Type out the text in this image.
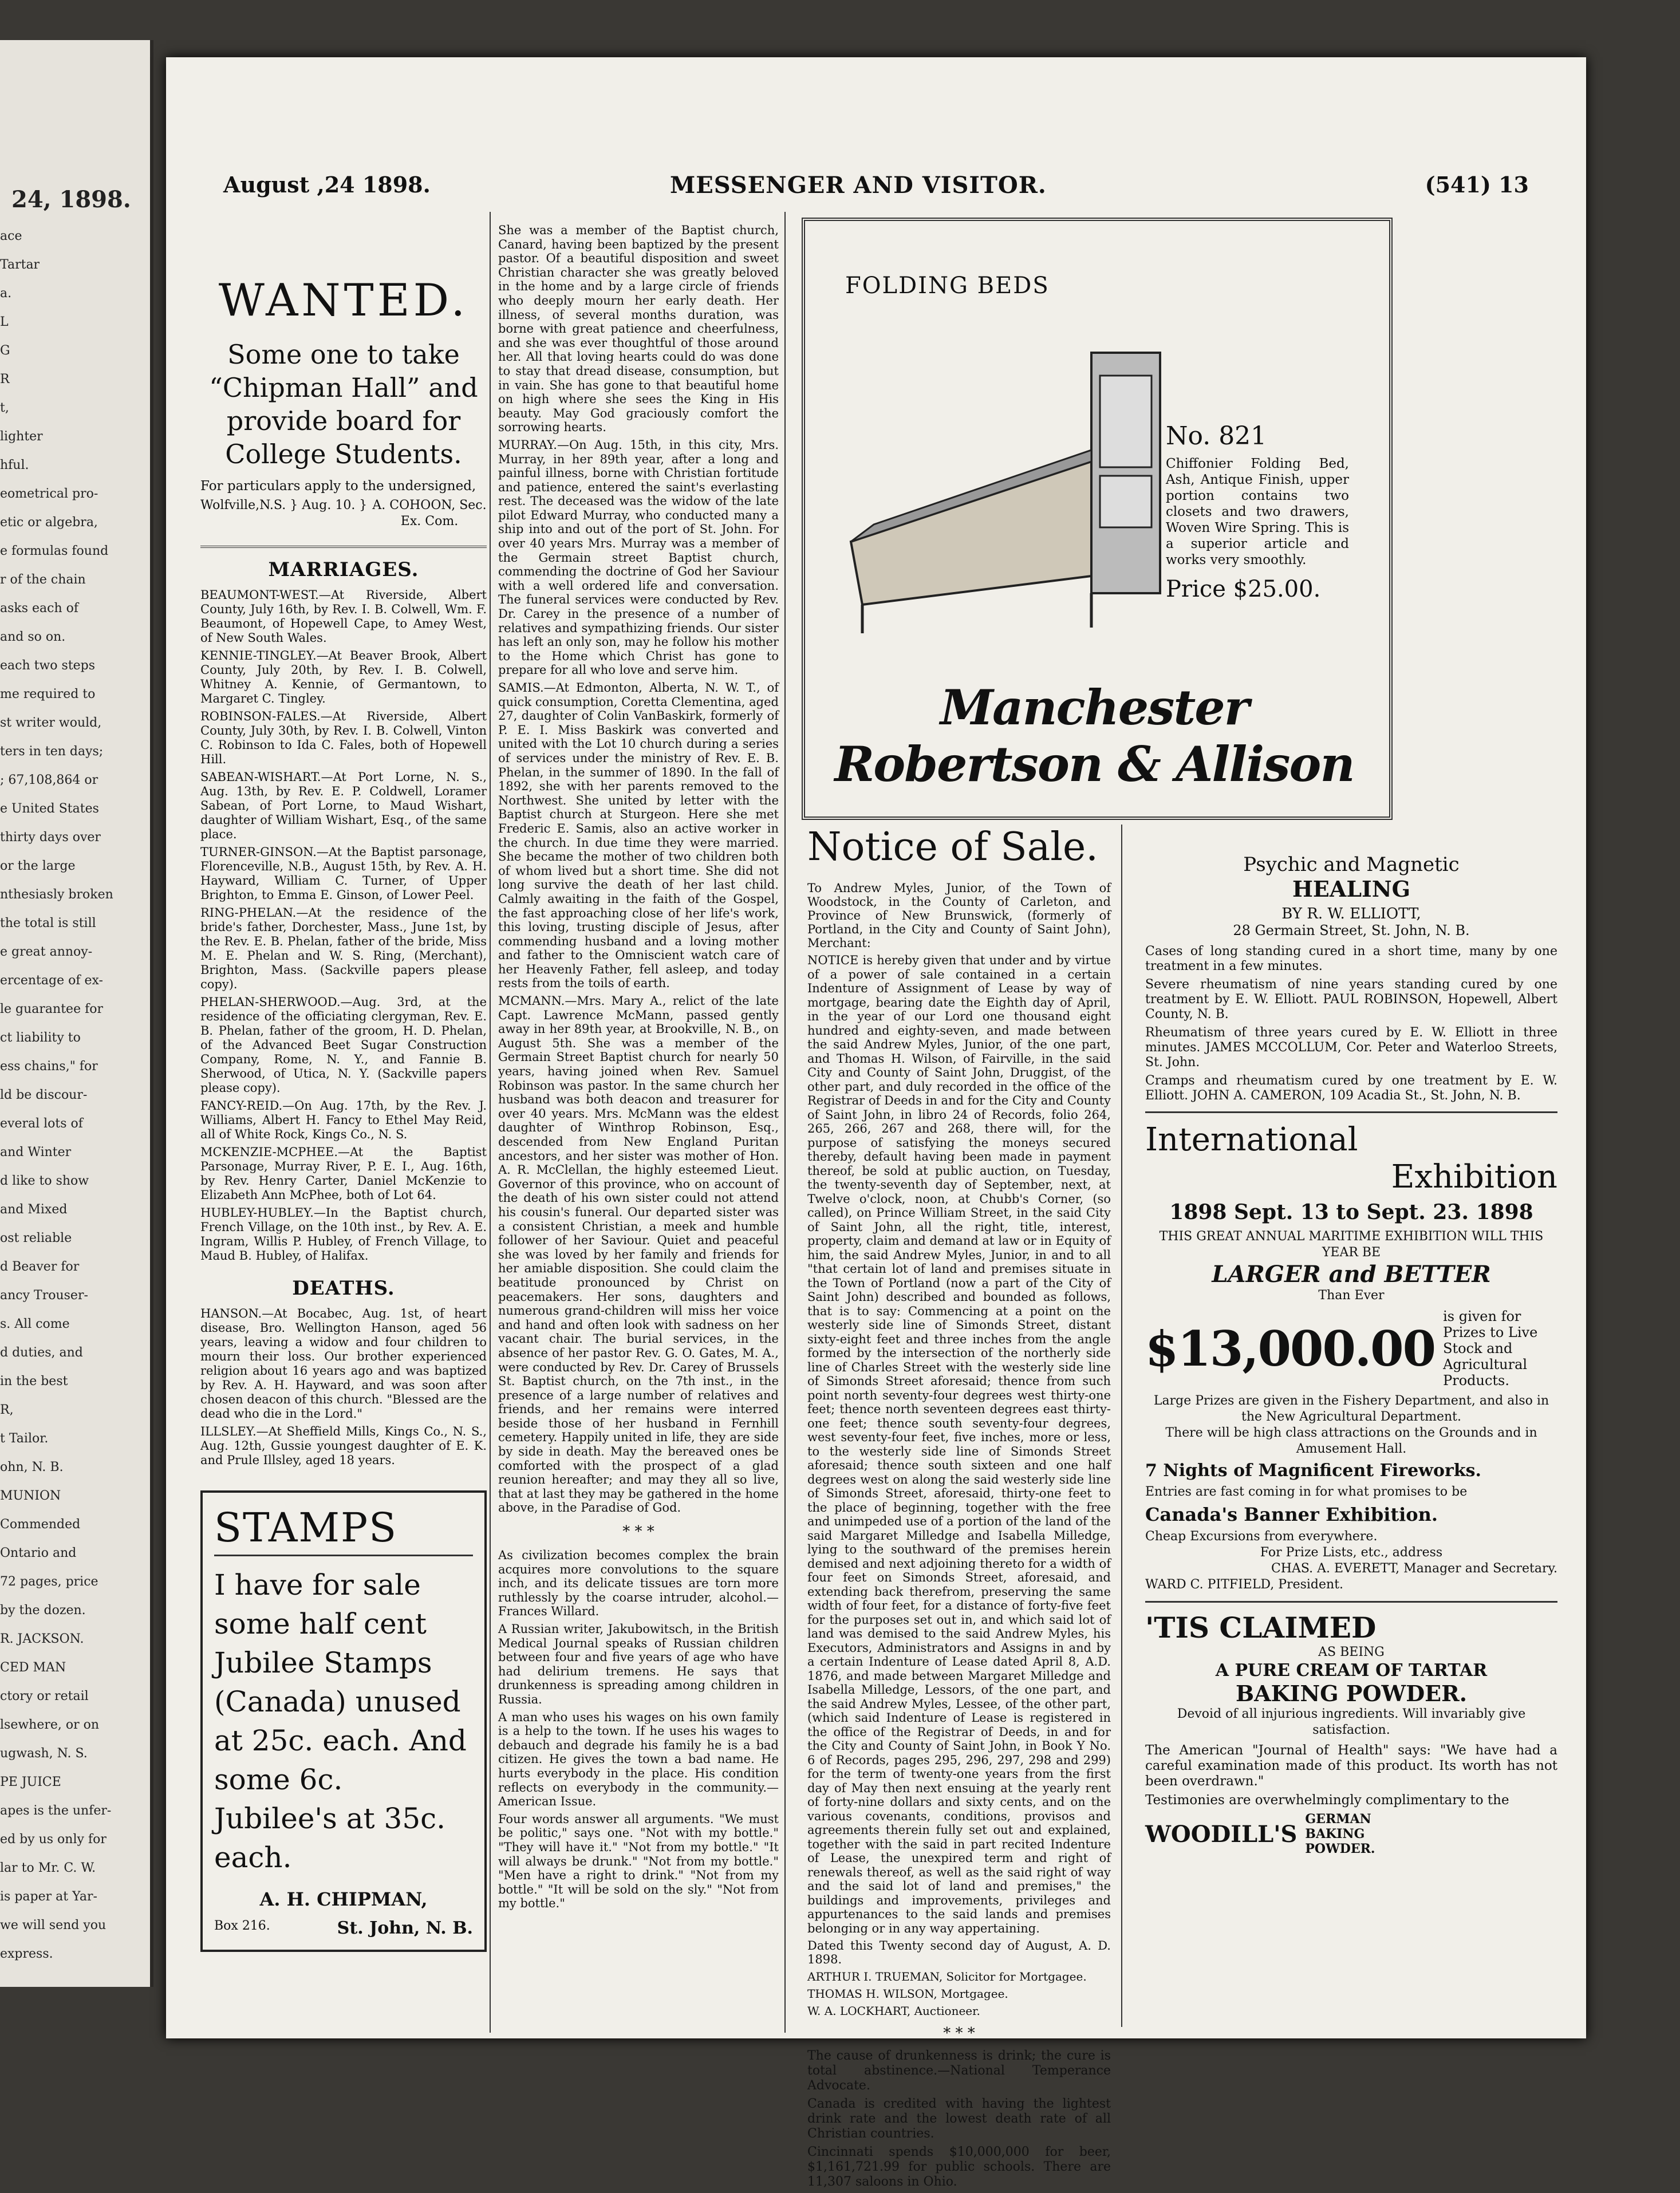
24, 1898.
ace
Tartar
a.
L
G
R
t,
lighter
hful.
eometrical pro-
etic or algebra,
e formulas found
r of the chain
asks each of
and so on.
each two steps
me required to
st writer would,
ters in ten days;
; 67,108,864 or
e United States
thirty days over
or the large
nthesiasly broken
the total is still
e great annoy-
ercentage of ex-
le guarantee for
ct liability to
ess chains," for
ld be discour-
everal lots of
and Winter
d like to show
and Mixed
ost reliable
d Beaver for
ancy Trouser-
s. All come
d duties, and
in the best
R,
t Tailor.
ohn, N. B.
MUNION
Commended
Ontario and
72 pages, price
by the dozen.
R. JACKSON.
CED MAN
ctory or retail
lsewhere, or on
ugwash, N. S.
PE JUICE
apes is the unfer-
ed by us only for
lar to Mr. C. W.
is paper at Yar-
we will send you
express.
August ,24 1898.	MESSENGER AND VISITOR.	(541) 13
WANTED.

Some one to take “Chipman Hall” and provide board for College Students.

For particulars apply to the undersigned,

Wolfville,N.S. } Aug. 10. } A. COHOON, Sec. Ex. Com.
MARRIAGES.

BEAUMONT-WEST.—At Riverside, Albert County, July 16th, by Rev. I. B. Colwell, Wm. F. Beaumont, of Hopewell Cape, to Amey West, of New South Wales.

KENNIE-TINGLEY.—At Beaver Brook, Albert County, July 20th, by Rev. I. B. Colwell, Whitney A. Kennie, of Germantown, to Margaret C. Tingley.

ROBINSON-FALES.—At Riverside, Albert County, July 30th, by Rev. I. B. Colwell, Vinton C. Robinson to Ida C. Fales, both of Hopewell Hill.

SABEAN-WISHART.—At Port Lorne, N. S., Aug. 13th, by Rev. E. P. Coldwell, Loramer Sabean, of Port Lorne, to Maud Wishart, daughter of William Wishart, Esq., of the same place.

TURNER-GINSON.—At the Baptist parsonage, Florenceville, N.B., August 15th, by Rev. A. H. Hayward, William C. Turner, of Upper Brighton, to Emma E. Ginson, of Lower Peel.

RING-PHELAN.—At the residence of the bride's father, Dorchester, Mass., June 1st, by the Rev. E. B. Phelan, father of the bride, Miss M. E. Phelan and W. S. Ring, (Merchant), Brighton, Mass. (Sackville papers please copy).

PHELAN-SHERWOOD.—Aug. 3rd, at the residence of the officiating clergyman, Rev. E. B. Phelan, father of the groom, H. D. Phelan, of the Advanced Beet Sugar Construction Company, Rome, N. Y., and Fannie B. Sherwood, of Utica, N. Y. (Sackville papers please copy).

FANCY-REID.—On Aug. 17th, by the Rev. J. Williams, Albert H. Fancy to Ethel May Reid, all of White Rock, Kings Co., N. S.

MCKENZIE-MCPHEE.—At the Baptist Parsonage, Murray River, P. E. I., Aug. 16th, by Rev. Henry Carter, Daniel McKenzie to Elizabeth Ann McPhee, both of Lot 64.

HUBLEY-HUBLEY.—In the Baptist church, French Village, on the 10th inst., by Rev. A. E. Ingram, Willis P. Hubley, of French Village, to Maud B. Hubley, of Halifax.

DEATHS.

HANSON.—At Bocabec, Aug. 1st, of heart disease, Bro. Wellington Hanson, aged 56 years, leaving a widow and four children to mourn their loss. Our brother experienced religion about 16 years ago and was baptized by Rev. A. H. Hayward, and was soon after chosen deacon of this church. "Blessed are the dead who die in the Lord."

ILLSLEY.—At Sheffield Mills, Kings Co., N. S., Aug. 12th, Gussie youngest daughter of E. K. and Prule Illsley, aged 18 years.

STAMPS

I have for sale some half cent Jubilee Stamps (Canada) unused at 25c. each. And some 6c. Jubilee's at 35c. each.

A. H. CHIPMAN,
Box 216.	St. John, N. B.

She was a member of the Baptist church, Canard, having been baptized by the present pastor. Of a beautiful disposition and sweet Christian character she was greatly beloved in the home and by a large circle of friends who deeply mourn her early death. Her illness, of several months duration, was borne with great patience and cheerfulness, and she was ever thoughtful of those around her. All that loving hearts could do was done to stay that dread disease, consumption, but in vain. She has gone to that beautiful home on high where she sees the King in His beauty. May God graciously comfort the sorrowing hearts.

MURRAY.—On Aug. 15th, in this city, Mrs. Murray, in her 89th year, after a long and painful illness, borne with Christian fortitude and patience, entered the saint's everlasting rest. The deceased was the widow of the late pilot Edward Murray, who conducted many a ship into and out of the port of St. John. For over 40 years Mrs. Murray was a member of the Germain street Baptist church, commending the doctrine of God her Saviour with a well ordered life and conversation. The funeral services were conducted by Rev. Dr. Carey in the presence of a number of relatives and sympathizing friends. Our sister has left an only son, may he follow his mother to the Home which Christ has gone to prepare for all who love and serve him.

SAMIS.—At Edmonton, Alberta, N. W. T., of quick consumption, Coretta Clementina, aged 27, daughter of Colin VanBaskirk, formerly of P. E. I. Miss Baskirk was converted and united with the Lot 10 church during a series of services under the ministry of Rev. E. B. Phelan, in the summer of 1890. In the fall of 1892, she with her parents removed to the Northwest. She united by letter with the Baptist church at Sturgeon. Here she met Frederic E. Samis, also an active worker in the church. In due time they were married. She became the mother of two children both of whom lived but a short time. She did not long survive the death of her last child. Calmly awaiting in the faith of the Gospel, the fast approaching close of her life's work, this loving, trusting disciple of Jesus, after commending husband and a loving mother and father to the Omniscient watch care of her Heavenly Father, fell asleep, and today rests from the toils of earth.

MCMANN.—Mrs. Mary A., relict of the late Capt. Lawrence McMann, passed gently away in her 89th year, at Brookville, N. B., on August 5th. She was a member of the Germain Street Baptist church for nearly 50 years, having joined when Rev. Samuel Robinson was pastor. In the same church her husband was both deacon and treasurer for over 40 years. Mrs. McMann was the eldest daughter of Winthrop Robinson, Esq., descended from New England Puritan ancestors, and her sister was mother of Hon. A. R. McClellan, the highly esteemed Lieut. Governor of this province, who on account of the death of his own sister could not attend his cousin's funeral. Our departed sister was a consistent Christian, a meek and humble follower of her Saviour. Quiet and peaceful she was loved by her family and friends for her amiable disposition. She could claim the beatitude pronounced by Christ on peacemakers. Her sons, daughters and numerous grand-children will miss her voice and hand and often look with sadness on her vacant chair. The burial services, in the absence of her pastor Rev. G. O. Gates, M. A., were conducted by Rev. Dr. Carey of Brussels St. Baptist church, on the 7th inst., in the presence of a large number of relatives and friends, and her remains were interred beside those of her husband in Fernhill cemetery. Happily united in life, they are side by side in death. May the bereaved ones be comforted with the prospect of a glad reunion hereafter; and may they all so live, that at last they may be gathered in the home above, in the Paradise of God.

* * *

As civilization becomes complex the brain acquires more convolutions to the square inch, and its delicate tissues are torn more ruthlessly by the coarse intruder, alcohol.—Frances Willard.

A Russian writer, Jakubowitsch, in the British Medical Journal speaks of Russian children between four and five years of age who have had delirium tremens. He says that drunkenness is spreading among children in Russia.

A man who uses his wages on his own family is a help to the town. If he uses his wages to debauch and degrade his family he is a bad citizen. He gives the town a bad name. He hurts everybody in the place. His condition reflects on everybody in the community.—American Issue.

Four words answer all arguments. "We must be politic," says one. "Not with my bottle." "They will have it." "Not from my bottle." "It will always be drunk." "Not from my bottle." "Men have a right to drink." "Not from my bottle." "It will be sold on the sly." "Not from my bottle."

FOLDING BEDS
No. 821
Chiffonier Folding Bed, Ash, Antique Finish, upper portion contains two closets and two drawers, Woven Wire Spring. This is a superior article and works very smoothly.
Price $25.00.
Manchester Robertson & Allison
Notice of Sale.

To Andrew Myles, Junior, of the Town of Woodstock, in the County of Carleton, and Province of New Brunswick, (formerly of Portland, in the City and County of Saint John), Merchant:

NOTICE is hereby given that under and by virtue of a power of sale contained in a certain Indenture of Assignment of Lease by way of mortgage, bearing date the Eighth day of April, in the year of our Lord one thousand eight hundred and eighty-seven, and made between the said Andrew Myles, Junior, of the one part, and Thomas H. Wilson, of Fairville, in the said City and County of Saint John, Druggist, of the other part, and duly recorded in the office of the Registrar of Deeds in and for the City and County of Saint John, in libro 24 of Records, folio 264, 265, 266, 267 and 268, there will, for the purpose of satisfying the moneys secured thereby, default having been made in payment thereof, be sold at public auction, on Tuesday, the twenty-seventh day of September, next, at Twelve o'clock, noon, at Chubb's Corner, (so called), on Prince William Street, in the said City of Saint John, all the right, title, interest, property, claim and demand at law or in Equity of him, the said Andrew Myles, Junior, in and to all "that certain lot of land and premises situate in the Town of Portland (now a part of the City of Saint John) described and bounded as follows, that is to say: Commencing at a point on the westerly side line of Simonds Street, distant sixty-eight feet and three inches from the angle formed by the intersection of the northerly side line of Charles Street with the westerly side line of Simonds Street aforesaid; thence from such point north seventy-four degrees west thirty-one feet; thence north seventeen degrees east thirty-one feet; thence south seventy-four degrees, west seventy-four feet, five inches, more or less, to the westerly side line of Simonds Street aforesaid; thence south sixteen and one half degrees west on along the said westerly side line of Simonds Street, aforesaid, thirty-one feet to the place of beginning, together with the free and unimpeded use of a portion of the land of the said Margaret Milledge and Isabella Milledge, lying to the southward of the premises herein demised and next adjoining thereto for a width of four feet on Simonds Street, aforesaid, and extending back therefrom, preserving the same width of four feet, for a distance of forty-five feet for the purposes set out in, and which said lot of land was demised to the said Andrew Myles, his Executors, Administrators and Assigns in and by a certain Indenture of Lease dated April 8, A.D. 1876, and made between Margaret Milledge and Isabella Milledge, Lessors, of the one part, and the said Andrew Myles, Lessee, of the other part, (which said Indenture of Lease is registered in the office of the Registrar of Deeds, in and for the City and County of Saint John, in Book Y No. 6 of Records, pages 295, 296, 297, 298 and 299) for the term of twenty-one years from the first day of May then next ensuing at the yearly rent of forty-nine dollars and sixty cents, and on the various covenants, conditions, provisos and agreements therein fully set out and explained, together with the said in part recited Indenture of Lease, the unexpired term and right of renewals thereof, as well as the said right of way and the said lot of land and premises," the buildings and improvements, privileges and appurtenances to the said lands and premises belonging or in any way appertaining.

Dated this Twenty second day of August, A. D. 1898.

ARTHUR I. TRUEMAN, Solicitor for Mortgagee.

THOMAS H. WILSON, Mortgagee.

W. A. LOCKHART, Auctioneer.

* * *

The cause of drunkenness is drink; the cure is total abstinence.—National Temperance Advocate.

Canada is credited with having the lightest drink rate and the lowest death rate of all Christian countries.

Cincinnati spends $10,000,000 for beer, $1,161,721.99 for public schools. There are 11,307 saloons in Ohio.

Psychic and Magnetic
HEALING
BY R. W. ELLIOTT,
28 Germain Street, St. John, N. B.

Cases of long standing cured in a short time, many by one treatment in a few minutes.

Severe rheumatism of nine years standing cured by one treatment by E. W. Elliott. PAUL ROBINSON, Hopewell, Albert County, N. B.

Rheumatism of three years cured by E. W. Elliott in three minutes. JAMES MCCOLLUM, Cor. Peter and Waterloo Streets, St. John.

Cramps and rheumatism cured by one treatment by E. W. Elliott. JOHN A. CAMERON, 109 Acadia St., St. John, N. B.

International
Exhibition
1898 Sept. 13 to Sept. 23. 1898
THIS GREAT ANNUAL MARITIME EXHIBITION WILL THIS YEAR BE
LARGER and BETTER
Than Ever
$13,000.00
is given for Prizes to Live Stock and Agricultural Products.
Large Prizes are given in the Fishery Department, and also in the New Agricultural Department.
There will be high class attractions on the Grounds and in Amusement Hall.
7 Nights of Magnificent Fireworks.
Entries are fast coming in for what promises to be
Canada's Banner Exhibition.
Cheap Excursions from everywhere.
For Prize Lists, etc., address
CHAS. A. EVERETT, Manager and Secretary.
WARD C. PITFIELD, President.
'TIS CLAIMED
AS BEING
A PURE CREAM OF TARTAR
BAKING POWDER.
Devoid of all injurious ingredients. Will invariably give satisfaction.

The American "Journal of Health" says: "We have had a careful examination made of this product. Its worth has not been overdrawn."

Testimonies are overwhelmingly complimentary to the

WOODILL'S
GERMAN BAKING POWDER.
